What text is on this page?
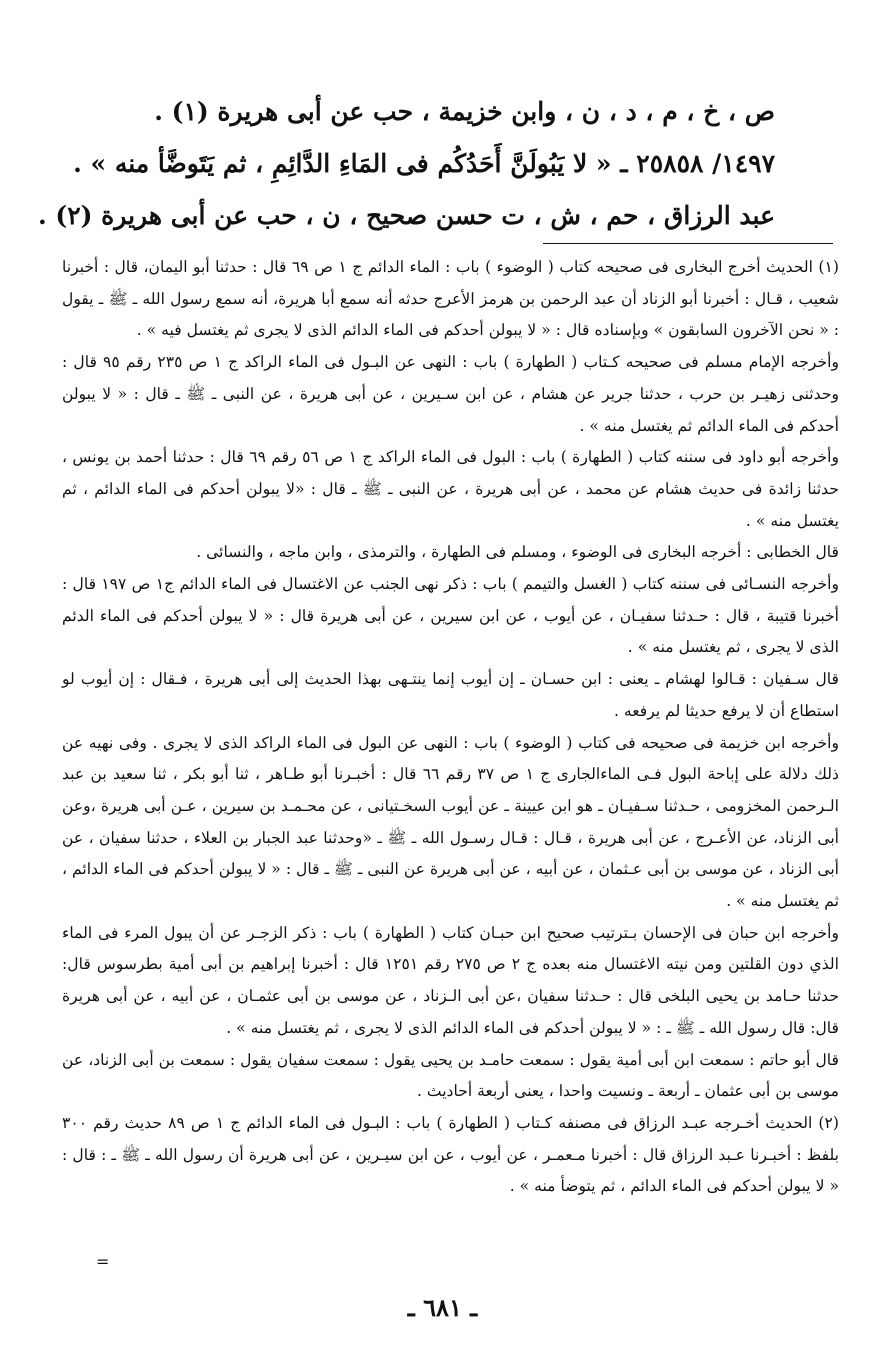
ص ، خ ، م ، د ، ن ، وابن خزيمة ، حب عن أبى هريرة (١) .
١٤٩٧/ ٢٥٨٥٨ ـ « لا يَبُولَنَّ أَحَدُكُم فى المَاءِ الدَّائِمِ ، ثم يَتَوضَّأ منه » .
عبد الرزاق ، حم ، ش ، ت حسن صحيح ، ن ، حب عن أبى هريرة (٢) .

(١) الحديث أخرج البخارى فى صحيحه كتاب ( الوضوء ) باب : الماء الدائم ج ١ ص ٦٩ قال : حدثنا أبو اليمان، قال : أخبرنا شعيب ، قـال : أخبرنا أبو الزناد أن عبد الرحمن بن هرمز الأعرج حدثه أنه سمع أبا هريرة، أنه سمع رسول الله ـ ﷺ ـ يقول : « نحن الآخرون السابقون » وبإسناده قال : « لا يبولن أحدكم فى الماء الدائم الذى لا يجرى ثم يغتسل فيه » .

وأخرجه الإمام مسلم فى صحيحه كـتاب ( الطهارة ) باب : النهى عن البـول فى الماء الراكد ج ١ ص ٢٣٥ رقم ٩٥ قال : وحدثنى زهيـر بن حرب ، حدثنا جرير عن هشام ، عن ابن سـيرين ، عن أبى هريرة ، عن النبى ـ ﷺ ـ قال : « لا يبولن أحدكم فى الماء الدائم ثم يغتسل منه » .

وأخرجه أبو داود فى سننه كتاب ( الطهارة ) باب : البول فى الماء الراكد ج ١ ص ٥٦ رقم ٦٩ قال : حدثنا أحمد بن يونس ، حدثنا زائدة فى حديث هشام عن محمد ، عن أبى هريرة ، عن النبى ـ ﷺ ـ قال : «لا يبولن أحدكم فى الماء الدائم ، ثم يغتسل منه » .

قال الخطابى : أخرجه البخارى فى الوضوء ، ومسلم فى الطهارة ، والترمذى ، وابن ماجه ، والنسائى .

وأخرجه النسـائى فى سننه كتاب ( الغسل والتيمم ) باب : ذكر نهى الجنب عن الاغتسال فى الماء الدائم ج١ ص ١٩٧ قال : أخبرنا قتيبة ، قال : حـدثنا سفيـان ، عن أيوب ، عن ابن سيرين ، عن أبى هريرة قال : « لا يبولن أحدكم فى الماء الدئم الذى لا يجرى ، ثم يغتسل منه » .

قال سـفيان : قـالوا لهشام ـ يعنى : ابن حسـان ـ إن أيوب إنما ينتـهى بهذا الحديث إلى أبى هريرة ، فـقال : إن أيوب لو استطاع أن لا يرفع حديثا لم يرفعه .

وأخرجه ابن خزيمة فى صحيحه فى كتاب ( الوضوء ) باب : النهى عن البول فى الماء الراكد الذى لا يجرى . وفى نهيه عن ذلك دلالة على إباحة البول فـى الماءالجارى ج ١ ص ٣٧ رقم ٦٦ قال : أخبـرنا أبو طـاهر ، ثنا أبو بكر ، ثنا سعيد بن عبد الـرحمن المخزومى ، حـدثنا سـفيـان ـ هو ابن عيينة ـ عن أيوب السخـتيانى ، عن محـمـد بن سيرين ، عـن أبى هريرة ،وعن أبى الزناد، عن الأعـرج ، عن أبى هريرة ، قـال : قـال رسـول الله ـ ﷺ ـ «وحدثنا عبد الجبار بن العلاء ، حدثنا سفيان ، عن أبى الزناد ، عن موسى بن أبى عـثمان ، عن أبيه ، عن أبى هريرة عن النبى ـ ﷺ ـ قال : « لا يبولن أحدكم فى الماء الدائم ، ثم يغتسل منه » .

وأخرجه ابن حبان فى الإحسان بـترتيب صحيح ابن حبـان كتاب ( الطهارة ) باب : ذكر الزجـر عن أن يبول المرء فى الماء الذي دون القلتين ومن نيته الاغتسال منه بعده ج ٢ ص ٢٧٥ رقم ١٢٥١ قال : أخبرنا إبراهيم بن أبى أمية بطرسوس قال: حدثنا حـامد بن يحيى البلخى قال : حـدثنا سفيان ،عن أبى الـزناد ، عن موسى بن أبى عثمـان ، عن أبيه ، عن أبى هريرة قال: قال رسول الله ـ ﷺ ـ : « لا يبولن أحدكم فى الماء الدائم الذى لا يجرى ، ثم يغتسل منه » .

قال أبو حاتم : سمعت ابن أبى أمية يقول : سمعت حامـد بن يحيى يقول : سمعت سفيان يقول : سمعت بن أبى الزناد، عن موسى بن أبى عثمان ـ أربعة ـ ونسيت واحدا ، يعنى أربعة أحاديث .

(٢) الحديث أخـرجه عبـد الرزاق فى مصنفه كـتاب ( الطهارة ) باب : البـول فى الماء الدائم ج ١ ص ٨٩ حديث رقم ٣٠٠ بلفظ : أخبـرنا عـبد الرزاق قال : أخبرنا مـعمـر ، عن أيوب ، عن ابن سيـرين ، عن أبى هريرة أن رسول الله ـ ﷺ ـ : قال : « لا يبولن أحدكم فى الماء الدائم ، ثم يتوضأ منه » .

=
ـ ٦٨١ ـ
